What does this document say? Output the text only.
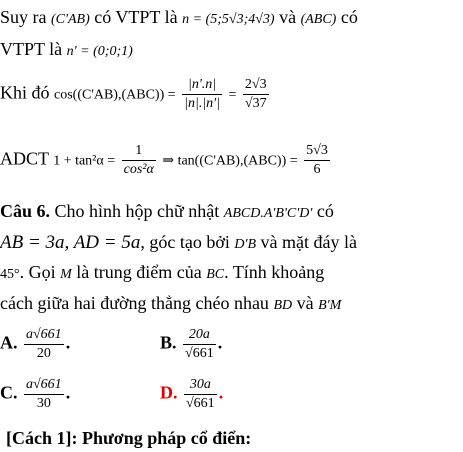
Suy ra (C'AB) có VTPT là n = (5;5√3;4√3) và (ABC) có
VTPT là n' = (0;0;1)
Khi đó $\cos((C'AB),(ABC)) = \frac{|n'.n|}{|n|.|n'|} = \frac{2√3}{√37}$
ADCT $1 + \tan^2\alpha = \frac{1}{\text{cos²α}}$ ⇒ $\tan((C'AB),(ABC)) = \frac{5√3}{6}$
Câu 6. Cho hình hộp chữ nhật ABCD.A'B'C'D' có
AB = 3a, AD = 5a, góc tạo bởi D'B và mặt đáy là
45°. Gọi M là trung điểm của BC. Tính khoảng
cách giữa hai đường thẳng chéo nhau BD và B'M
A. $\frac{a√661}{20}$ .	B. $\frac{20a}{√661}$ .
C. $\frac{a√661}{30}$ .	D. $\frac{30a}{√661}$ .
[Cách 1]: Phương pháp cổ điển:
